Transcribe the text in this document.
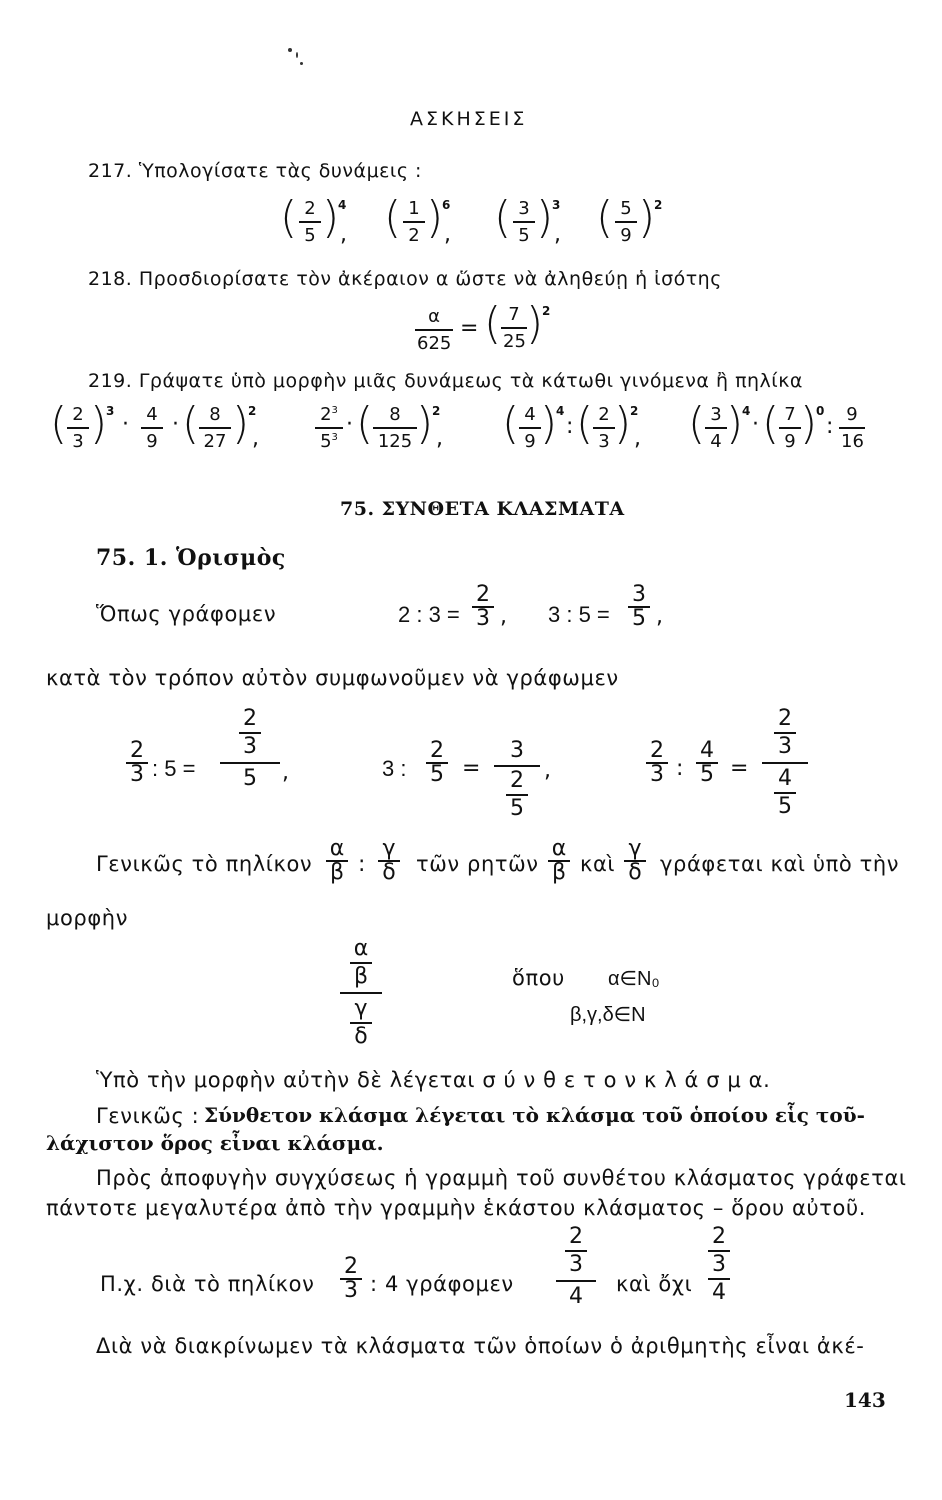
ΑΣΚΗΣΕΙΣ
217. Ὑπολογίσατε τὰς δυνάμεις :
( 2
5 )
4
, ( 1
2 )
6
, ( 3
5 )
3
, ( 5
9 )
2
218. Προσδιορίσατε τὸν ἀκέραιον α ὥστε νὰ ἀληθεύῃ ἡ ἰσότης
α
625
= ( 7
25 )
2
219. Γράψατε ὑπὸ μορφὴν μιᾶς δυνάμεως τὰ κάτωθι γινόμενα ἢ πηλίκα
( 2
3 )
3
· 4
9
· ( 8
27 )
2
,
$2^3$
$5^3$
· ( 8
125 )
2
, ( 4
9 )
4
: ( 2
3 )
2
, ( 3
4 )
4
· ( 7
9 )
0
: 9
16
75. ΣΥΝΘΕΤΑ ΚΛΑΣΜΑΤΑ
75. 1. Ὁρισμὸς
Ὅπως γράφομεν	2 : 3 =
2
3 , 3 : 5 =
3
5 ,
κατὰ τὸν τρόπον αὐτὸν συμφωνοῦμεν νὰ γράφωμεν
2
3 : 5 =
2
3
5	,	3 :
2
5 =
3
2
5
,
2
3 :
4
5 =
2
3
4
5
Γενικῶς τὸ πηλίκον
α
β :
γ
δ τῶν ρητῶν
α
β καὶ
γ
δ γράφεται καὶ ὑπὸ τὴν
μορφὴν
α
β
γ
δ
ὅπου α∈N₀
β,γ,δ∈N
Ὑπὸ τὴν μορφὴν αὐτὴν δὲ λέγεται σ ύ ν θ ε τ ο ν κ λ ά σ μ α.
Γενικῶς : Σύνθετον κλάσμα λέγεται τὸ κλάσμα τοῦ ὁποίου εἷς τοῦ-
λάχιστον ὅρος εἶναι κλάσμα.
Πρὸς ἀποφυγὴν συγχύσεως ἡ γραμμὴ τοῦ συνθέτου κλάσματος γράφεται
πάντοτε μεγαλυτέρα ἀπὸ τὴν γραμμὴν ἑκάστου κλάσματος – ὅρου αὐτοῦ.
Π.χ. διὰ τὸ πηλίκον
2
3 : 4 γράφομεν
2
3
4	καὶ ὄχι
2
3
4
Διὰ νὰ διακρίνωμεν τὰ κλάσματα τῶν ὁποίων ὁ ἀριθμητὴς εἶναι ἀκέ-
143
